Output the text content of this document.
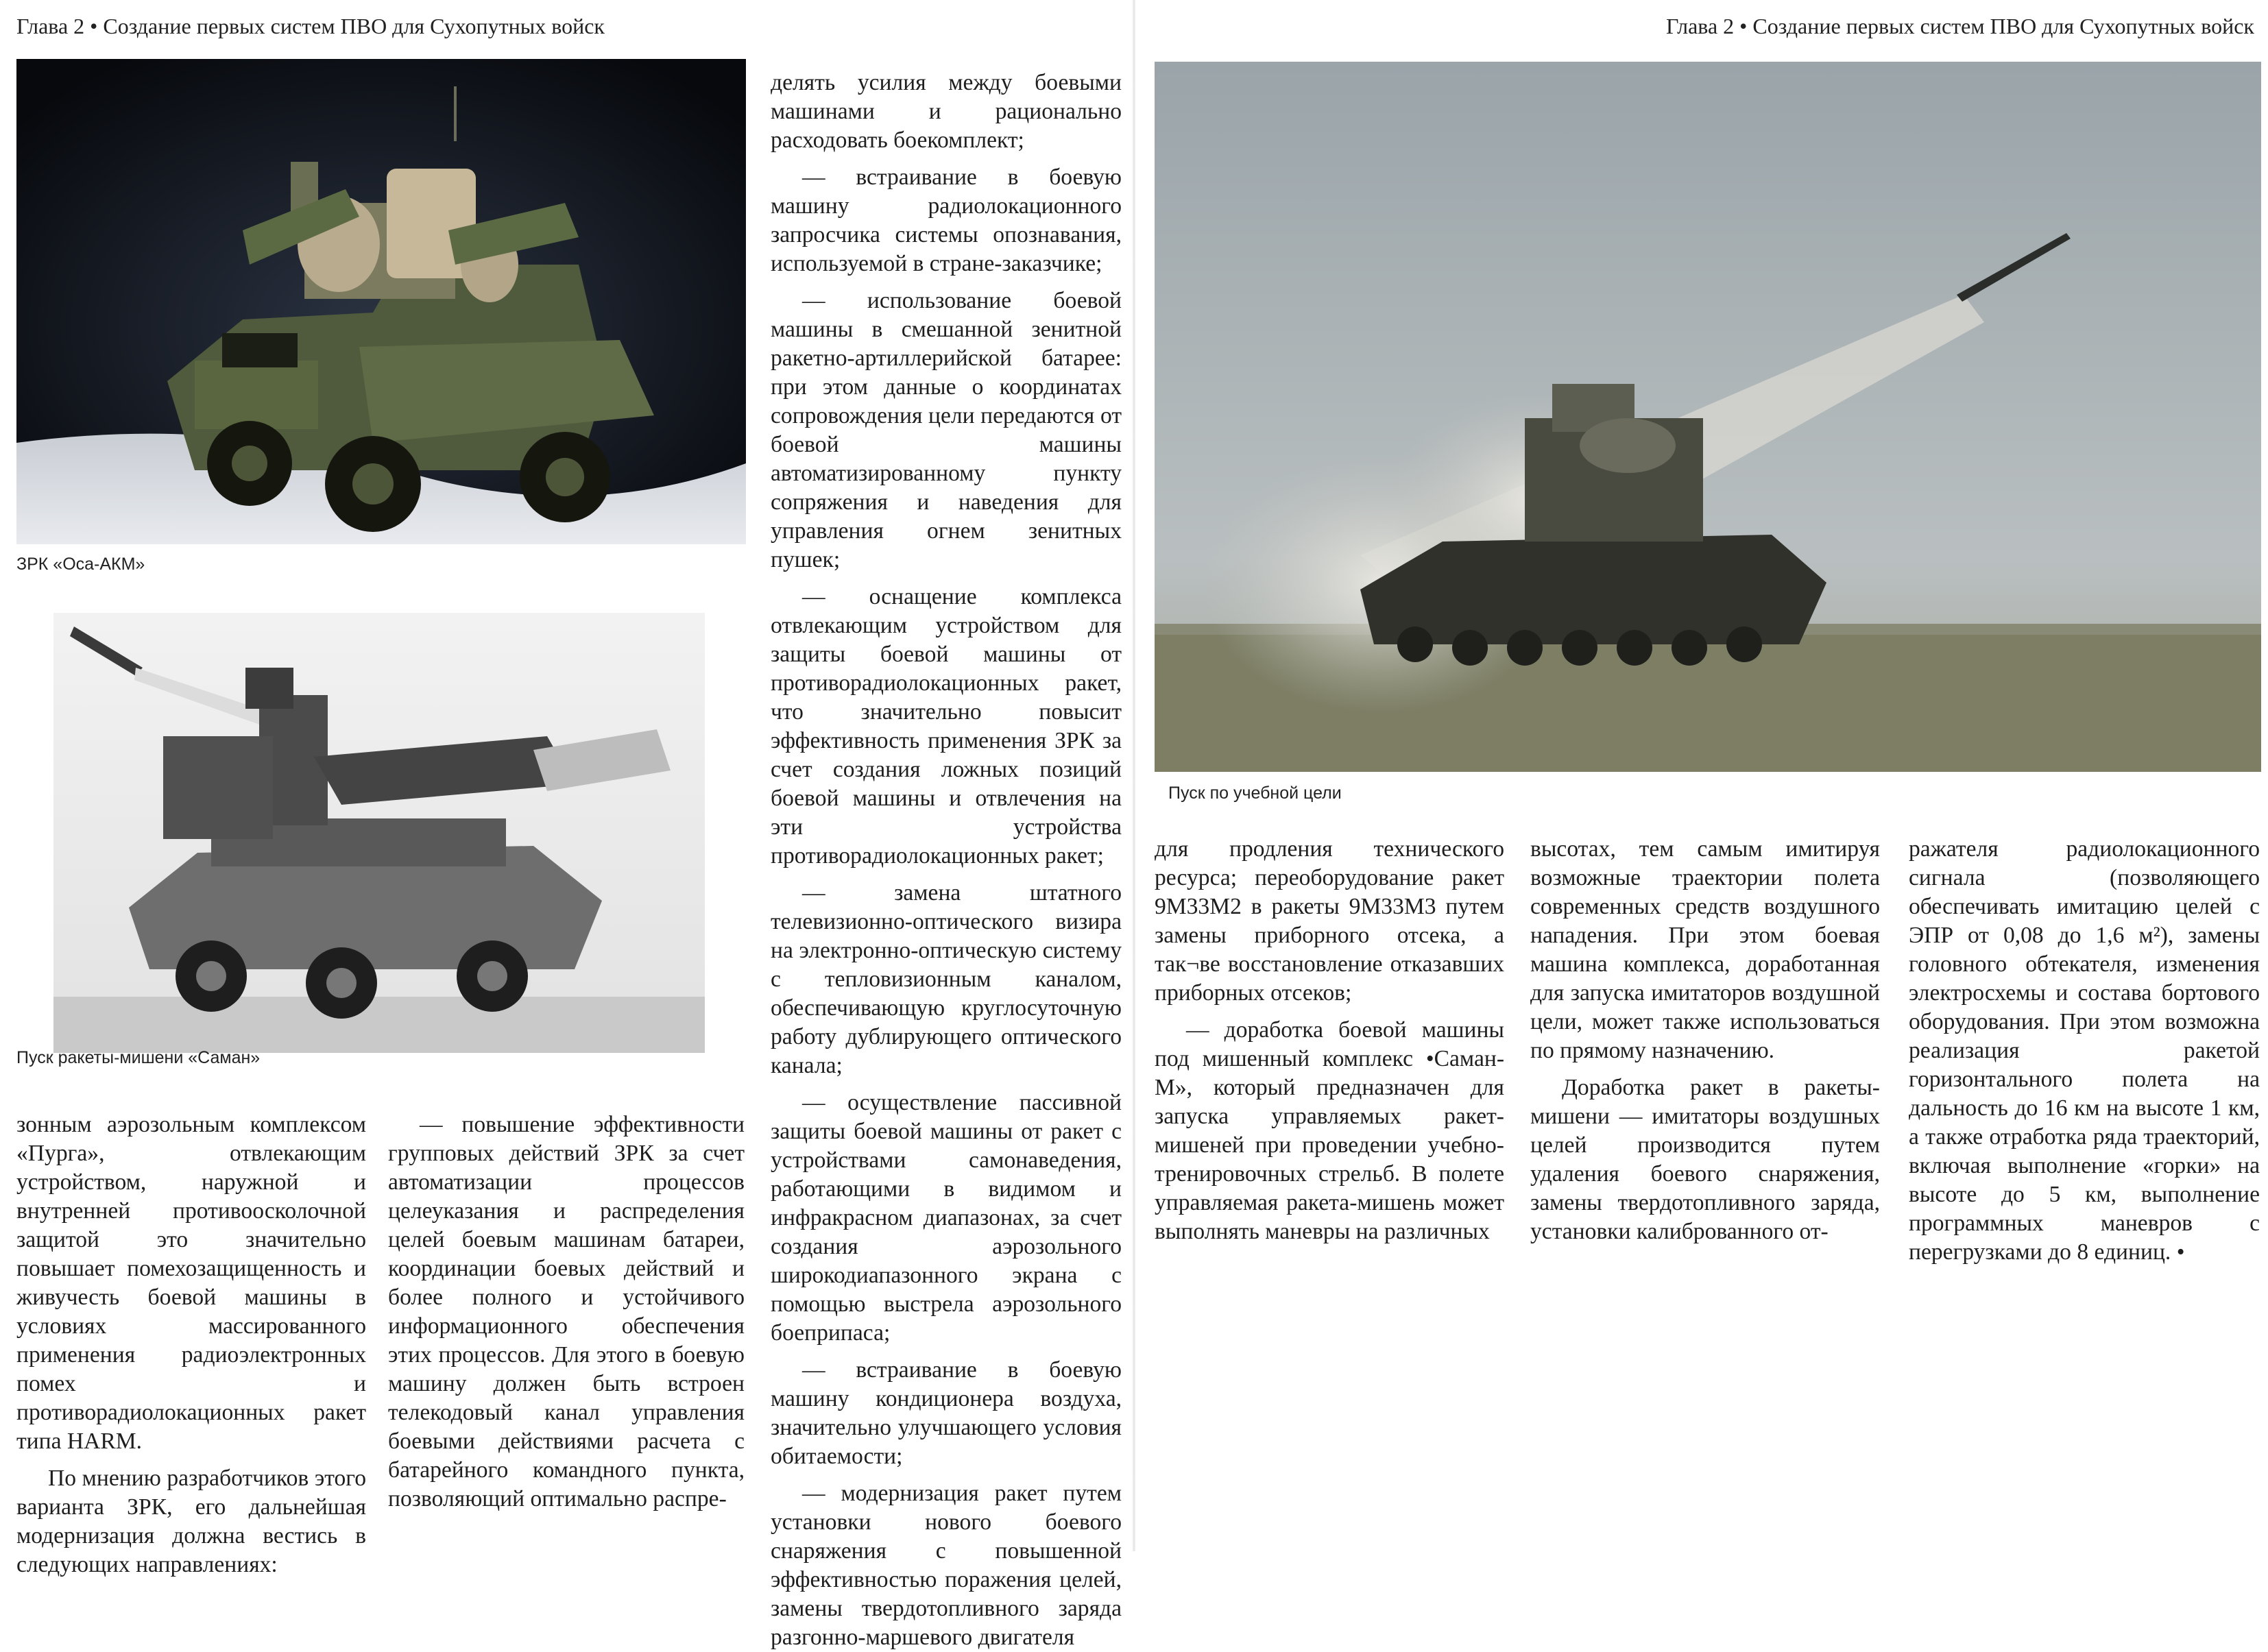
Глава 2 • Создание первых систем ПВО для Сухопутных войск	Глава 2 • Создание первых систем ПВО для Сухопутных войск
ЗРК «Оса-АКМ»
Пуск ракеты-мишени «Саман»
Пуск по учебной цели

зонным аэрозольным комплексом «Пурга», отвлекающим устройством, наружной и внутренней противоосколочной защитой это значительно повышает помехозащищенность и живучесть боевой машины в условиях массированного применения радиоэлектронных помех и противорадиолокационных ракет типа HARM.

По мнению разработчиков этого варианта ЗРК, его дальнейшая модернизация должна вестись в следующих направлениях:

— повышение эффективности групповых действий ЗРК за счет автоматизации процессов целеуказания и распределения целей боевым машинам батареи, координации боевых действий и более полного и устойчивого информационного обеспечения этих процессов. Для этого в боевую машину должен быть встроен телекодовый канал управления боевыми действиями расчета с батарейного командного пункта, позволяющий оптимально распре-

делять усилия между боевыми машинами и рационально расходовать боекомплект;

— встраивание в боевую машину радиолокационного запросчика системы опознавания, используемой в стране-заказчике;

— использование боевой машины в смешанной зенитной ракетно-артиллерийской батарее: при этом данные о координатах сопровождения цели передаются от боевой машины автоматизированному пункту сопряжения и наведения для управления огнем зенитных пушек;

— оснащение комплекса отвлекающим устройством для защиты боевой машины от противорадиолокационных ракет, что значительно повысит эффективность применения ЗРК за счет создания ложных позиций боевой машины и отвлечения на эти устройства противорадиолокационных ракет;

— замена штатного телевизионно-оптического визира на электронно-оптическую систему с тепловизионным каналом, обеспечивающую круглосуточную работу дублирующего оптического канала;

— осуществление пассивной защиты боевой машины от ракет с устройствами самонаведения, работающими в видимом и инфракрасном диапазонах, за счет создания аэрозольного широкодиапазонного экрана с помощью выстрела аэрозольного боеприпаса;

— встраивание в боевую машину кондиционера воздуха, значительно улучшающего условия обитаемости;

— модернизация ракет путем установки нового боевого снаряжения с повышенной эффективностью поражения целей, замены твердотопливного заряда разгонно-маршевого двигателя

для продления технического ресурса; переоборудование ракет 9М33М2 в ракеты 9М33М3 путем замены приборного отсека, а так¬ве восстановление отказавших приборных отсеков;

— доработка боевой машины под мишенный комплекс •Саман-М», который предназначен для запуска управляемых ракет-мишеней при проведении учебно-тренировочных стрельб. В полете управляемая ракета-мишень может выполнять маневры на различных

высотах, тем самым имитируя возможные траектории полета современных средств воздушного нападения. При этом боевая машина комплекса, доработанная для запуска имитаторов воздушной цели, может также использоваться по прямому назначению.

Доработка ракет в ракеты-мишени — имитаторы воздушных целей производится путем удаления боевого снаряжения, замены твердотопливного заряда, установки калиброванного от-

ражателя радиолокационного сигнала (позволяющего обеспечивать имитацию целей с ЭПР от 0,08 до 1,6 м²), замены головного обтекателя, изменения электросхемы и состава бортового оборудования. При этом возможна реализация ракетой горизонтального полета на дальность до 16 км на высоте 1 км, а также отработка ряда траекторий, включая выполнение «горки» на высоте до 5 км, выполнение программных маневров с перегрузками до 8 единиц. •
